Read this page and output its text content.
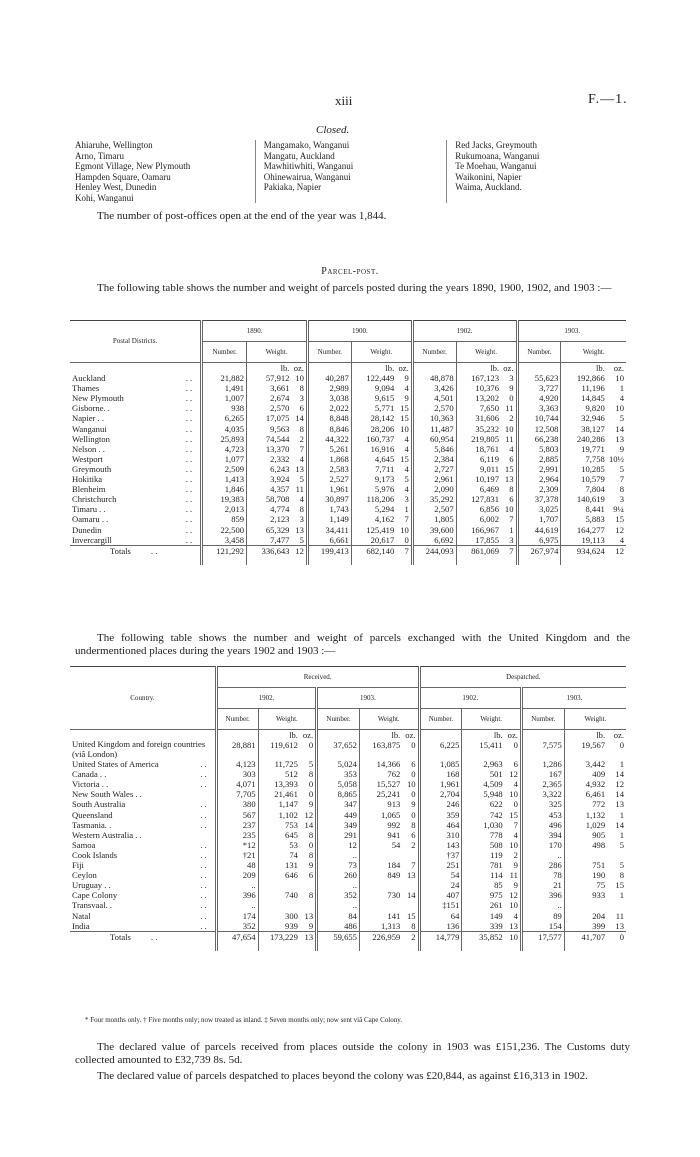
xiii	F.—1.
Closed.
Ahiaruhe, Wellington
Arno, Timaru
Egmont Village, New Plymouth
Hampden Square, Oamaru
Henley West, Dunedin
Kohi, Wanganui
Mangamako, Wanganui
Mangatu, Auckland
Mawhitiwhiti, Wanganui
Ohinewairua, Wanganui
Pakiaka, Napier
Red Jacks, Greymouth
Rukumoana, Wanganui
Te Moehau, Wanganui
Waikonini, Napier
Waima, Auckland.
The number of post-offices open at the end of the year was 1,844.
Parcel-post.
The following table shows the number and weight of parcels posted during the years 1890, 1900, 1902, and 1903 :—
Postal Districts.	1890.			1900.			1902.			1903.		
	Number.	Weight.		Number.	Weight.		Number.	Weight.		Number.	Weight.	
		lb.	oz.		lb.	oz.		lb.	oz.		lb.	oz.

Auckland	. .	21,882	57,912	10	40,287	122,449	9	48,878	167,123	3	55,623	192,866	10

Thames	. .	1,491	3,661	8	2,989	9,094	4	3,426	10,376	9	3,727	11,196	1

New Plymouth	. .	1,007	2,674	3	3,038	9,615	9	4,501	13,202	0	4,920	14,845	4

Gisborne. .	. .	938	2,570	6	2,022	5,771	15	2,570	7,650	11	3,363	9,820	10

Napier . .	. .	6,265	17,075	14	8,848	28,142	15	10,363	31,606	2	10,744	32,946	5

Wanganui	. .	4,035	9,563	8	8,846	28,206	10	11,487	35,232	10	12,508	38,127	14

Wellington	. .	25,893	74,544	2	44,322	160,737	4	60,954	219,805	11	66,238	240,286	13

Nelson . .	. .	4,723	13,370	7	5,261	16,916	4	5,846	18,761	4	5,803	19,771	9

Westport	. .	1,077	2,332	4	1,868	4,645	15	2,384	6,119	6	2,885	7,758	10½

Greymouth	. .	2,509	6,243	13	2,583	7,711	4	2,727	9,011	15	2,991	10,285	5

Hokitika	. .	1,413	3,924	5	2,527	9,173	5	2,961	10,197	13	2,964	10,579	7

Blenheim	. .	1,846	4,357	11	1,961	5,976	4	2,090	6,469	8	2,309	7,804	8

Christchurch	. .	19,383	58,708	4	30,897	118,206	3	35,292	127,831	6	37,378	140,619	3

Timaru . .	. .	2,013	4,774	8	1,743	5,294	1	2,507	6,856	10	3,025	8,441	9¼

Oamaru . .	. .	859	2,123	3	1,149	4,162	7	1,805	6,002	7	1,707	5,883	15

Dunedin	. .	22,500	65,329	13	34,411	125,419	10	39,600	166,967	1	44,619	164,277	12

Invercargill	. .	3,458	7,477	5	6,661	20,617	0	6,692	17,855	3	6,975	19,113	4
Totals . .	121,292	336,643	12	199,413	682,140	7	244,093	861,069	7	267,974	934,624	12
The following table shows the number and weight of parcels exchanged with the United Kingdom and the undermentioned places during the years 1902 and 1903 :—
Country.	Received.						Despatched.					
	1902.			1903.			1902.			1903.		
	Number.	Weight.		Number.	Weight.		Number.	Weight.		Number.	Weight.	
		lb.	oz.		lb.	oz.		lb.	oz.		lb.	oz.
United Kingdom and foreign countries (viâ London)	28,881	119,612	0	37,652	163,875	0	6,225	15,411	0	7,575	19,567	0

United States of America	. .	4,123	11,725	5	5,024	14,366	6	1,085	2,963	6	1,286	3,442	1

Canada . .	. .	303	512	8	353	762	0	168	501	12	167	409	14

Victoria . .	. .	4,071	13,393	0	5,058	15,527	10	1,961	4,509	4	2,365	4,932	12

New South Wales . .	7,705	21,461	0	8,865	25,241	0	2,704	5,948	10	3,322	6,461	14

South Australia	. .	380	1,147	9	347	913	9	246	622	0	325	772	13

Queensland	. .	567	1,102	12	449	1,065	0	359	742	15	453	1,132	1

Tasmania. .	. .	237	753	14	349	992	8	464	1,030	7	496	1,029	14

Western Australia . .	235	645	8	291	941	6	310	778	4	394	905	1

Samoa	. .	*12	53	0	12	54	2	143	508	10	170	498	5

Cook Islands	. .	†21	74	8	..			†37	119	2	..		

Fiji	. .	48	131	9	73	184	7	251	781	9	286	751	5

Ceylon	. .	209	646	6	260	849	13	54	114	11	78	190	8

Uruguay . .	. .	..			..			24	85	9	21	75	15

Cape Colony	. .	396	740	8	352	730	14	407	975	12	396	933	1

Transvaal. .	. .	..			..			‡151	261	10	..		

Natal	. .	174	300	13	84	141	15	64	149	4	89	204	11

India	. .	352	939	9	486	1,313	8	136	339	13	154	399	13
Totals . .	47,654	173,229	13	59,655	226,959	2	14,779	35,852	10	17,577	41,707	0
* Four months only. † Five months only; now treated as inland. ‡ Seven months only; now sent viâ Cape Colony.
The declared value of parcels received from places outside the colony in 1903 was £151,236. The Customs duty collected amounted to £32,739 8s. 5d.
The declared value of parcels despatched to places beyond the colony was £20,844, as against £16,313 in 1902.
